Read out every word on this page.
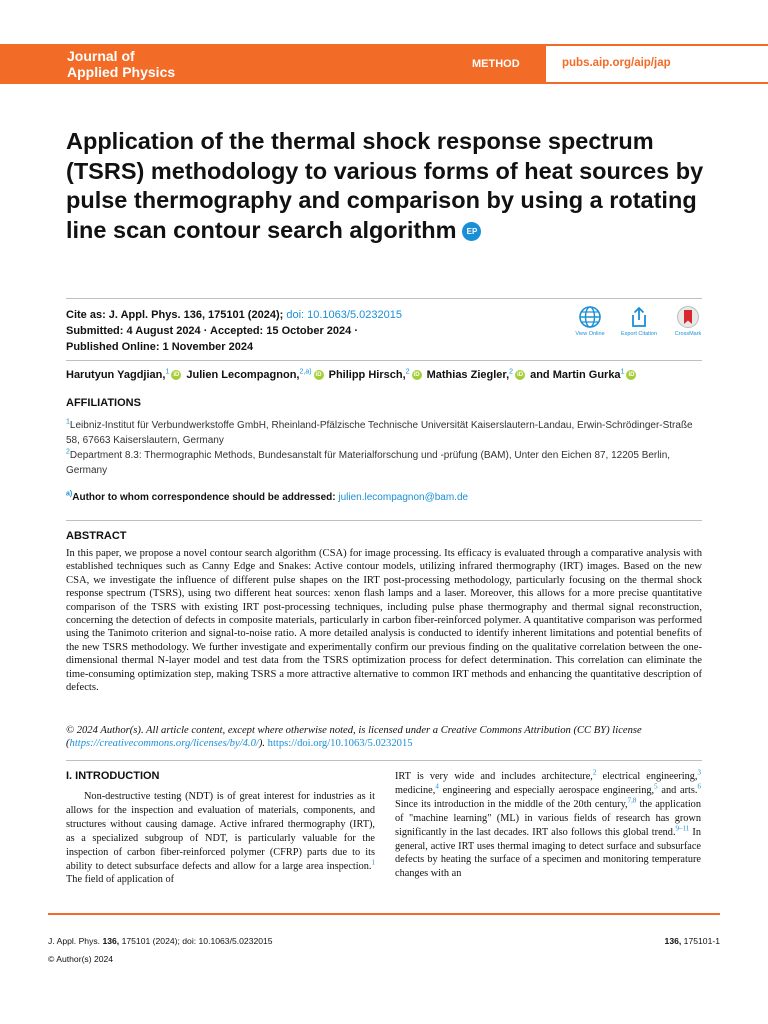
Journal of
Applied Physics	METHOD	pubs.aip.org/aip/jap
Application of the thermal shock response spectrum (TSRS) methodology to various forms of heat sources by pulse thermography and comparison by using a rotating line scan contour search algorithm EP
Cite as: J. Appl. Phys. 136, 175101 (2024); doi: 10.1063/5.0232015
Submitted: 4 August 2024 · Accepted: 15 October 2024 ·
Published Online: 1 November 2024
View Online	Export Citation	CrossMark
Harutyun Yagdjian,$^1$ iD Julien Lecompagnon,$^{2,a)}$ iD Philipp Hirsch,$^2$ iD Mathias Ziegler,$^2$ iD and Martin Gurka$^1$ iD
AFFILIATIONS
$^1$Leibniz-Institut für Verbundwerkstoffe GmbH, Rheinland-Pfälzische Technische Universität Kaiserslautern-Landau, Erwin-Schrödinger-Straße 58, 67663 Kaiserslautern, Germany
$^2$Department 8.3: Thermographic Methods, Bundesanstalt für Materialforschung und -prüfung (BAM), Unter den Eichen 87, 12205 Berlin, Germany
$^{a)}$Author to whom correspondence should be addressed: julien.lecompagnon@bam.de
ABSTRACT
In this paper, we propose a novel contour search algorithm (CSA) for image processing. Its efficacy is evaluated through a comparative analysis with established techniques such as Canny Edge and Snakes: Active contour models, utilizing infrared thermography (IRT) images. Based on the new CSA, we investigate the influence of different pulse shapes on the IRT post-processing methodology, particularly focusing on the thermal shock response spectrum (TSRS), using two different heat sources: xenon flash lamps and a laser. Moreover, this allows for a more precise quantitative comparison of the TSRS with existing IRT post-processing techniques, including pulse phase thermography and thermal signal reconstruction, concerning the detection of defects in composite materials, particularly in carbon fiber-reinforced polymer. A quantitative comparison was performed using the Tanimoto criterion and signal-to-noise ratio. A more detailed analysis is conducted to identify inherent limitations and potential benefits of the new TSRS methodology. We further investigate and experimentally confirm our previous finding on the qualitative correlation between the one-dimensional thermal N-layer model and test data from the TSRS optimization process for defect determination. This correlation can eliminate the time-consuming optimization step, making TSRS a more attractive alternative to common IRT methods and enhancing the quantitative description of defects.
© 2024 Author(s). All article content, except where otherwise noted, is licensed under a Creative Commons Attribution (CC BY) license (https://creativecommons.org/licenses/by/4.0/). https://doi.org/10.1063/5.0232015
I. INTRODUCTION
Non-destructive testing (NDT) is of great interest for industries as it allows for the inspection and evaluation of materials, components, and structures without causing damage. Active infrared thermography (IRT), as a specialized subgroup of NDT, is particularly valuable for the inspection of carbon fiber-reinforced polymer (CFRP) parts due to its ability to detect subsurface defects and allow for a large area inspection.$^1$ The field of application of
IRT is very wide and includes architecture,$^2$ electrical engineering,$^3$ medicine,$^4$ engineering and especially aerospace engineering,$^5$ and arts.$^6$ Since its introduction in the middle of the 20th century,$^{7,8}$ the application of "machine learning" (ML) in various fields of research has grown significantly in the last decades. IRT also follows this global trend.$^{9-11}$ In general, active IRT uses thermal imaging to detect surface and subsurface defects by heating the surface of a specimen and monitoring temperature changes with an
J. Appl. Phys. 136, 175101 (2024); doi: 10.1063/5.0232015
© Author(s) 2024
136, 175101-1
